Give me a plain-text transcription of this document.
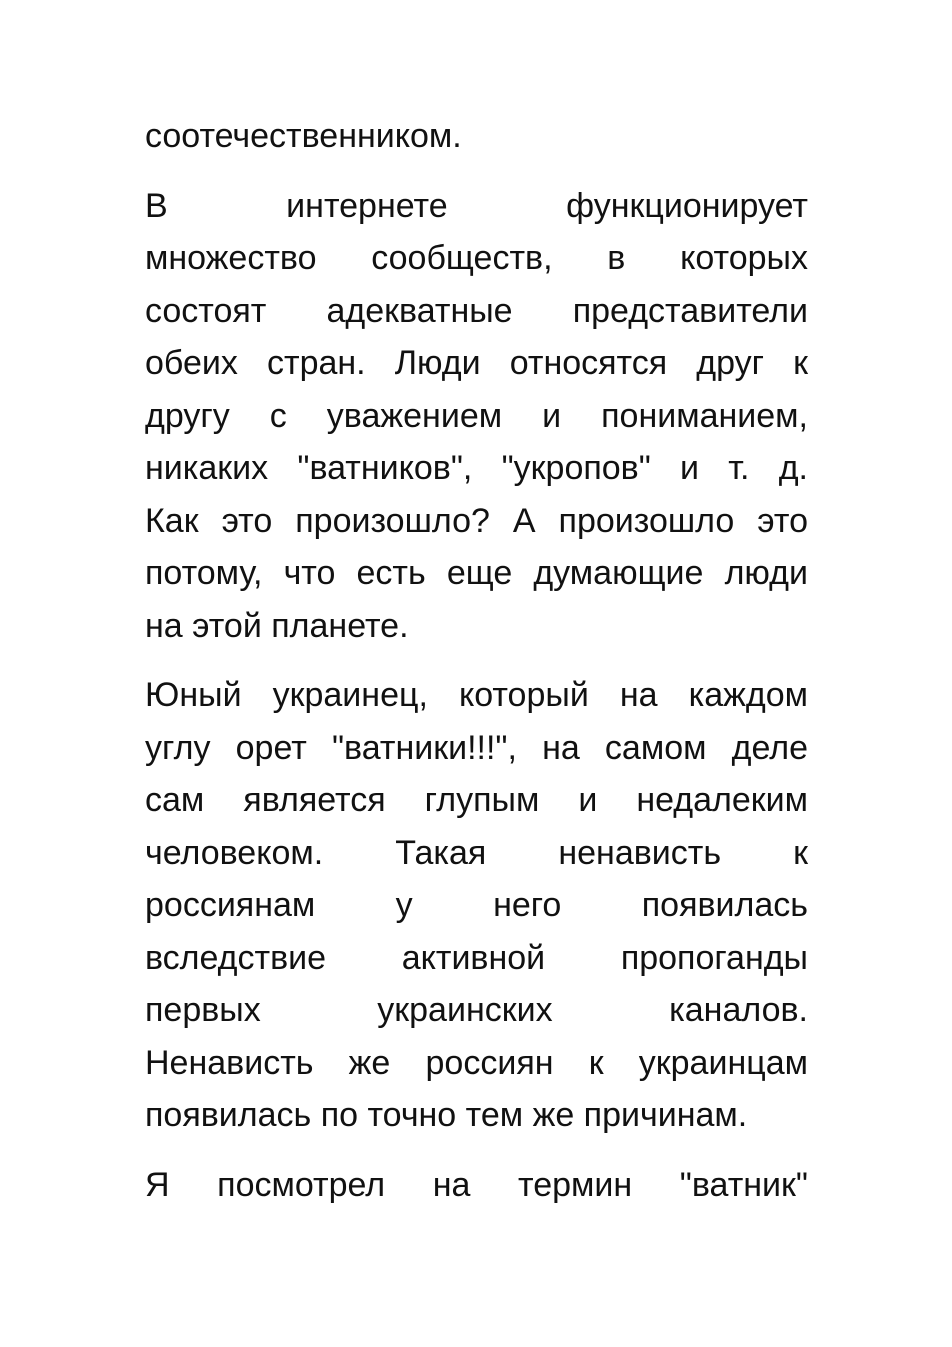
соотечественником.
В интернете функционирует
множество сообществ, в которых
состоят адекватные представители
обеих стран. Люди относятся друг к
другу с уважением и пониманием,
никаких "ватников", "укропов" и т. д.
Как это произошло? А произошло это
потому, что есть еще думающие люди
на этой планете.
Юный украинец, который на каждом
углу орет "ватники!!!", на самом деле
сам является глупым и недалеким
человеком. Такая ненависть к
россиянам у него появилась
вследствие активной пропоганды
первых украинских каналов.
Ненависть же россиян к украинцам
появилась по точно тем же причинам.
Я посмотрел на термин "ватник"
